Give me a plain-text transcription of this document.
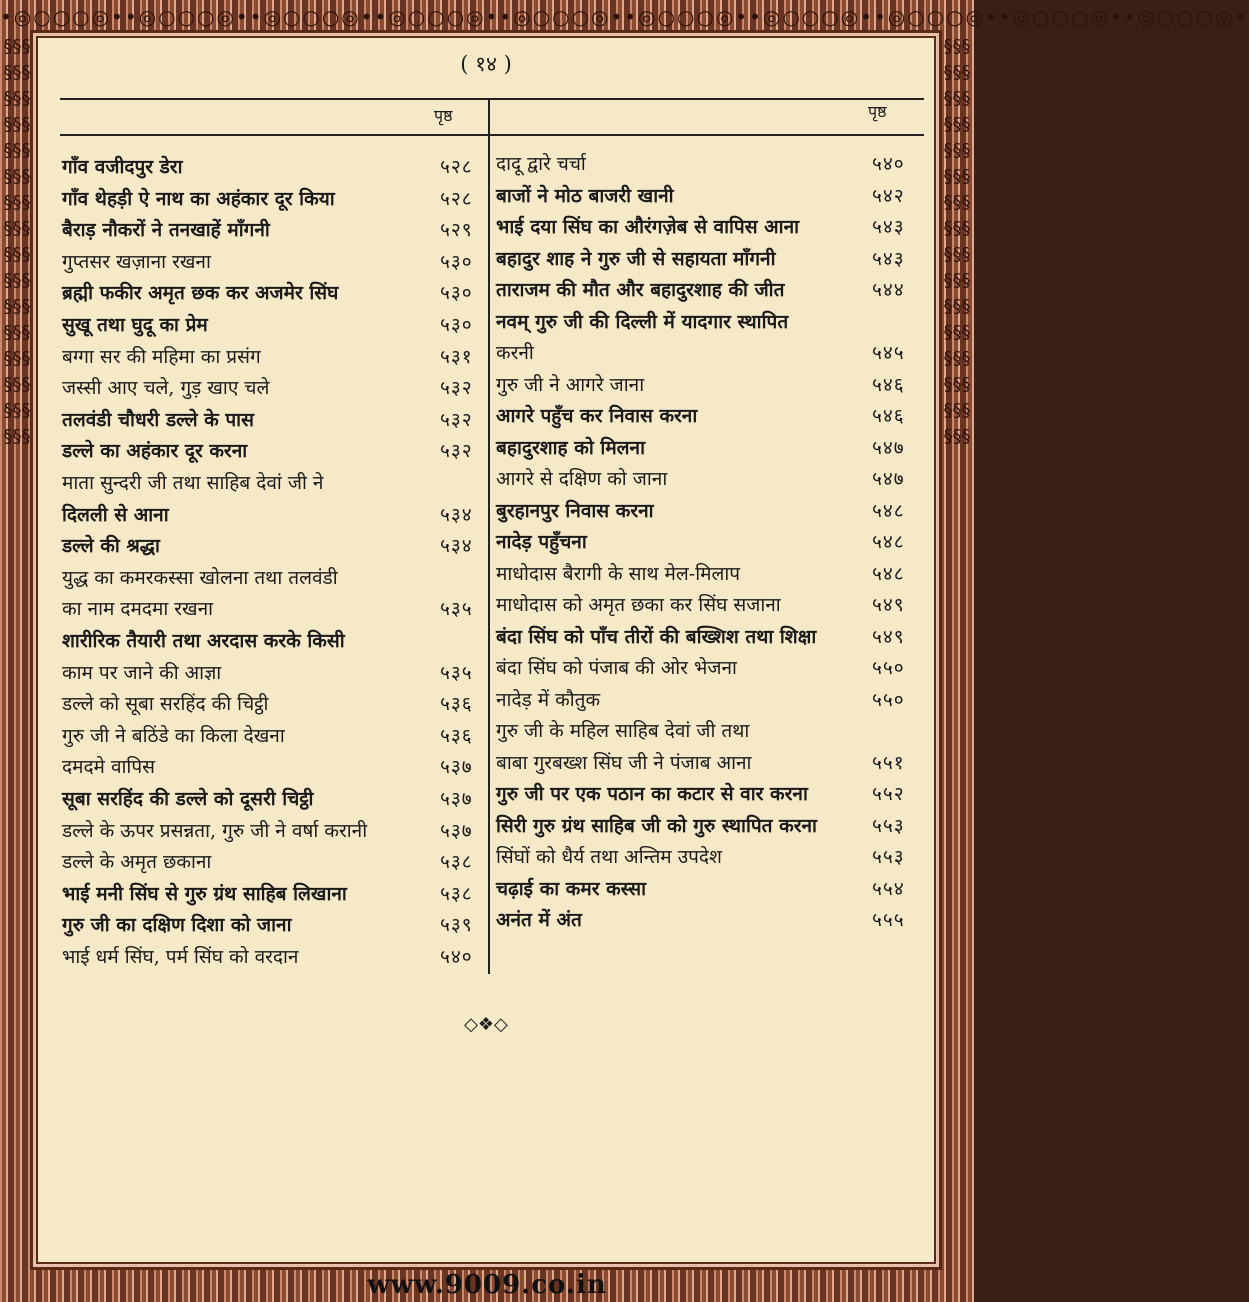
•◎○○○◎••◎○○○◎••◎○○○◎••◎○○○◎••◎○○○◎••◎○○○◎••◎○○○◎••◎○○○◎••◎○○○◎••◎○○○◎•
§§§§§§§§§§§§§§§§§§§§§§§§§§§§§§§§§§§§§§§§§§§§§§§§
§§§§§§§§§§§§§§§§§§§§§§§§§§§§§§§§§§§§§§§§§§§§§§§§
www.9009.co.in
( १४ )
पृष्ठ	पृष्ठ
गाँव वजीदपुर डेरा	५२८
गाँव थेहड़ी ऐ नाथ का अहंकार दूर किया	५२८
बैराड़ नौकरों ने तनखाहें माँगनी	५२९
गुप्तसर खज़ाना रखना	५३०
ब्रह्मी फकीर अमृत छक कर अजमेर सिंघ	५३०
सुखू तथा घुदू का प्रेम	५३०
बग्गा सर की महिमा का प्रसंग	५३१
जस्सी आए चले, गुड़ खाए चले	५३२
तलवंडी चौधरी डल्ले के पास	५३२
डल्ले का अहंकार दूर करना	५३२
माता सुन्दरी जी तथा साहिब देवां जी ने
दिलली से आना	५३४
डल्ले की श्रद्धा	५३४
युद्ध का कमरकस्सा खोलना तथा तलवंडी
का नाम दमदमा रखना	५३५
शारीरिक तैयारी तथा अरदास करके किसी
काम पर जाने की आज्ञा	५३५
डल्ले को सूबा सरहिंद की चिट्ठी	५३६
गुरु जी ने बठिंडे का किला देखना	५३६
दमदमे वापिस	५३७
सूबा सरहिंद की डल्ले को दूसरी चिट्ठी	५३७
डल्ले के ऊपर प्रसन्नता, गुरु जी ने वर्षा करानी	५३७
डल्ले के अमृत छकाना	५३८
भाई मनी सिंघ से गुरु ग्रंथ साहिब लिखाना	५३८
गुरु जी का दक्षिण दिशा को जाना	५३९
भाई धर्म सिंघ, पर्म सिंघ को वरदान	५४०
दादू द्वारे चर्चा	५४०
बाजों ने मोठ बाजरी खानी	५४२
भाई दया सिंघ का औरंगज़ेब से वापिस आना	५४३
बहादुर शाह ने गुरु जी से सहायता माँगनी	५४३
ताराजम की मौत और बहादुरशाह की जीत	५४४
नवम् गुरु जी की दिल्ली में यादगार स्थापित
करनी	५४५
गुरु जी ने आगरे जाना	५४६
आगरे पहुँच कर निवास करना	५४६
बहादुरशाह को मिलना	५४७
आगरे से दक्षिण को जाना	५४७
बुरहानपुर निवास करना	५४८
नादेड़ पहुँचना	५४८
माधोदास बैरागी के साथ मेल-मिलाप	५४८
माधोदास को अमृत छका कर सिंघ सजाना	५४९
बंदा सिंघ को पाँच तीरों की बख्शिश तथा शिक्षा	५४९
बंदा सिंघ को पंजाब की ओर भेजना	५५०
नादेड़ में कौतुक	५५०
गुरु जी के महिल साहिब देवां जी तथा
बाबा गुरबख्श सिंघ जी ने पंजाब आना	५५१
गुरु जी पर एक पठान का कटार से वार करना	५५२
सिरी गुरु ग्रंथ साहिब जी को गुरु स्थापित करना	५५३
सिंघों को धैर्य तथा अन्तिम उपदेश	५५३
चढ़ाई का कमर कस्सा	५५४
अनंत में अंत	५५५
◇❖◇
